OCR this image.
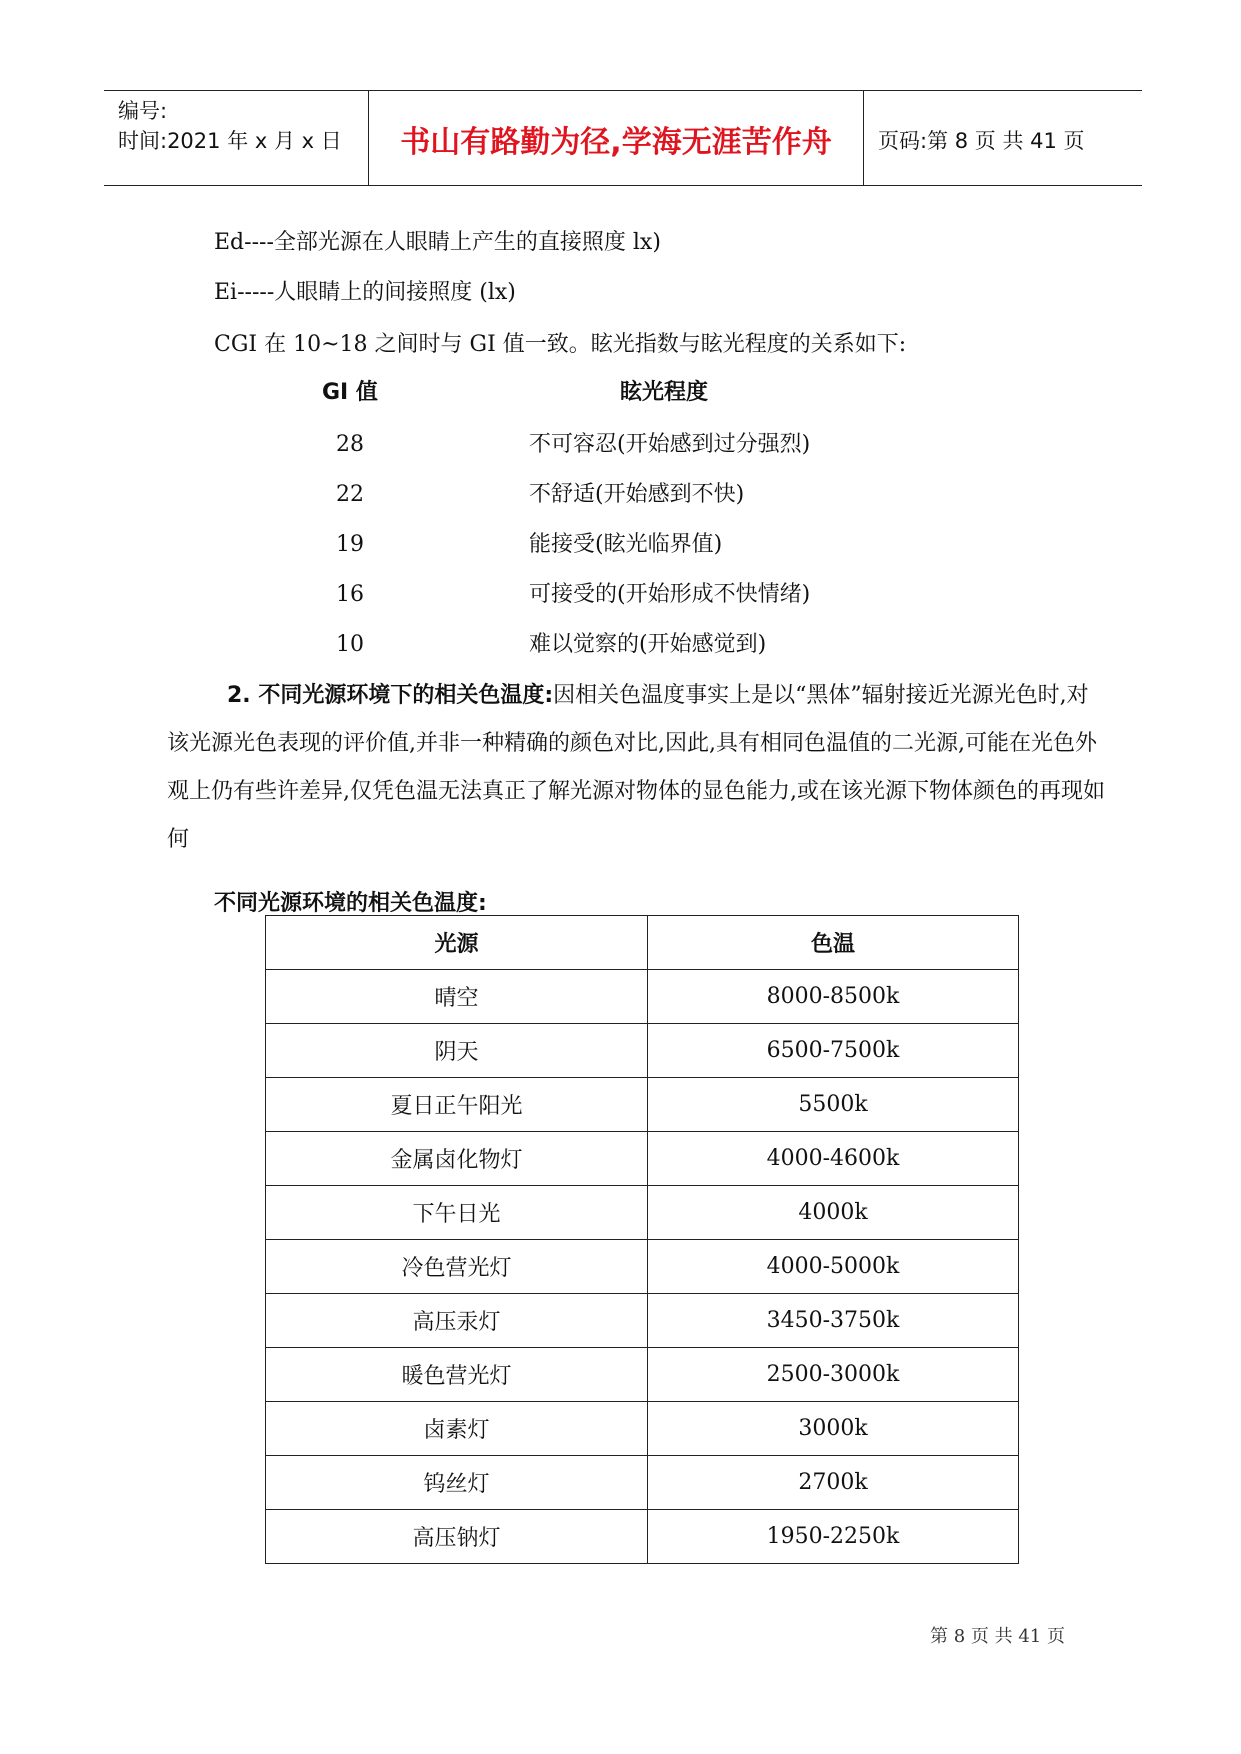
编号:
时间:2021 年 x 月 x 日	书山有路勤为径,学海无涯苦作舟	页码:第 8 页 共 41 页
Ed----全部光源在人眼睛上产生的直接照度 lx)
Ei-----人眼睛上的间接照度 (lx)
CGI 在 10~18 之间时与 GI 值一致。眩光指数与眩光程度的关系如下:
GI 值	眩光程度
28	不可容忍(开始感到过分强烈)
22	不舒适(开始感到不快)
19	能接受(眩光临界值)
16	可接受的(开始形成不快情绪)
10	难以觉察的(开始感觉到)
2. 不同光源环境下的相关色温度:因相关色温度事实上是以“黑体”辐射接近光源光色时,对该光源光色表现的评价值,并非一种精确的颜色对比,因此,具有相同色温值的二光源,可能在光色外观上仍有些许差异,仅凭色温无法真正了解光源对物体的显色能力,或在该光源下物体颜色的再现如何
不同光源环境的相关色温度:
光源	色温
晴空	8000-8500k
阴天	6500-7500k
夏日正午阳光	5500k
金属卤化物灯	4000-4600k
下午日光	4000k
冷色营光灯	4000-5000k
高压汞灯	3450-3750k
暖色营光灯	2500-3000k
卤素灯	3000k
钨丝灯	2700k
高压钠灯	1950-2250k
第 8 页 共 41 页
